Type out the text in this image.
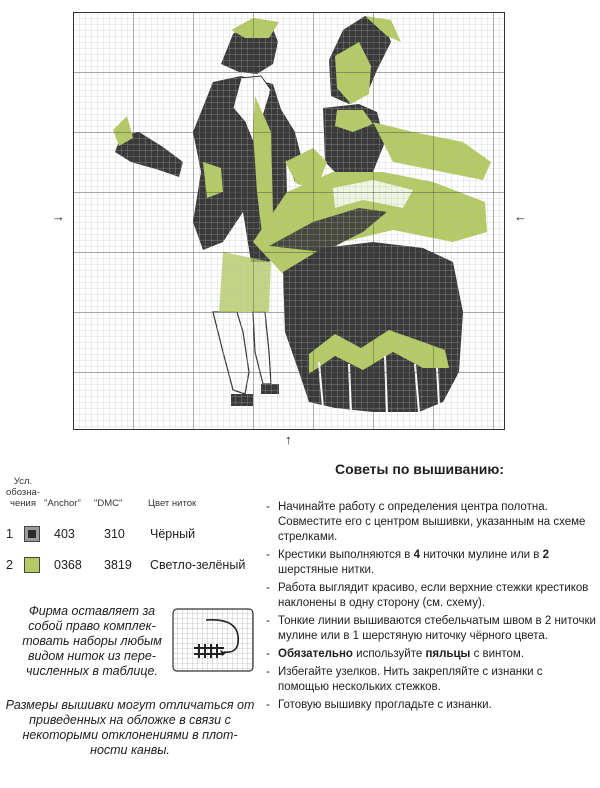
→	←
↑
Усл.
обозна-
чения "Anchor" "DMC"	Цвет ниток
1	403	310	Чёрный
2	0368	3819	Светло-зелёный
Фирма оставляет за собой право комплек- товать наборы любым видом ниток из пере- численных в таблице.
Размеры вышивки могут отличаться от приведенных на обложке в связи с некоторыми отклонениями в плот- ности канвы.
Советы по вышиванию:
- Начинайте работу с определения центра полотна. Совместите его с центром вышивки, указанным на схеме стрелками.
- Крестики выполняются в 4 ниточки мулине или в 2 шерстяные нитки.
- Работа выглядит красиво, если верхние стежки крестиков наклонены в одну сторону (см. схему).
- Тонкие линии вышиваются стебельчатым швом в 2 ниточки мулине или в 1 шерстяную ниточку чёрного цвета.
- Обязательно используйте пяльцы с винтом.
- Избегайте узелков. Нить закрепляйте с изнанки с помощью нескольких стежков.
- Готовую вышивку прогладьте с изнанки.
